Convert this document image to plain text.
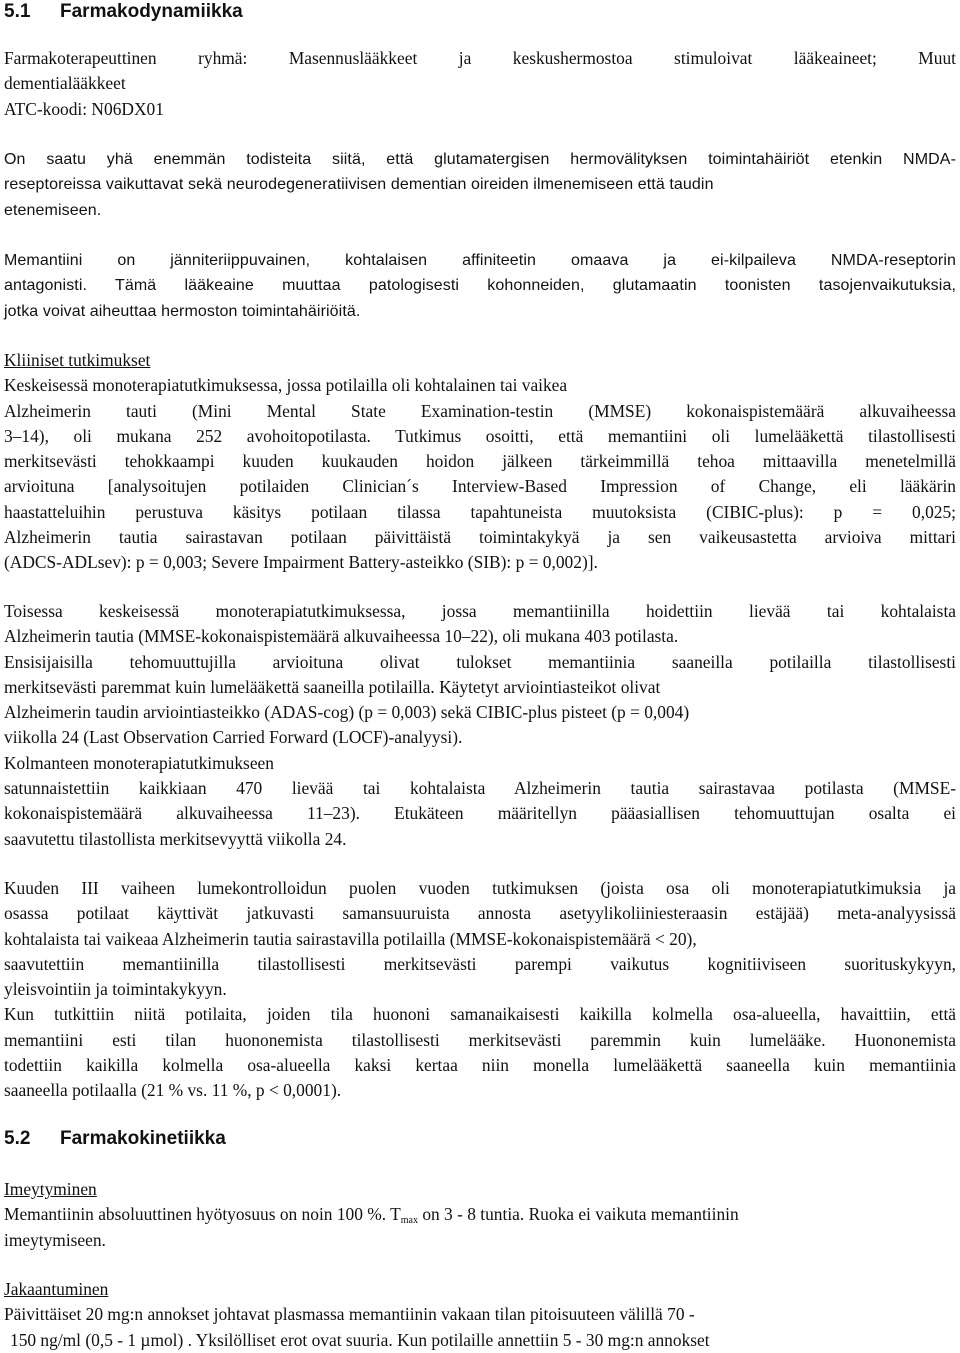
5.1 Farmakodynamiikka
Farmakoterapeuttinen ryhmä: Masennuslääkkeet ja keskushermostoa stimuloivat lääkeaineet; Muut
dementialääkkeet
ATC-koodi: N06DX01
On saatu yhä enemmän todisteita siitä, että glutamatergisen hermovälityksen toimintahäiriöt etenkin NMDA-
reseptoreissa vaikuttavat sekä neurodegeneratiivisen dementian oireiden ilmenemiseen että taudin
etenemiseen.
Memantiini on jänniteriippuvainen, kohtalaisen affiniteetin omaava ja ei-kilpaileva NMDA-reseptorin
antagonisti. Tämä lääkeaine muuttaa patologisesti kohonneiden, glutamaatin toonisten tasojenvaikutuksia,
jotka voivat aiheuttaa hermoston toimintahäiriöitä.
Kliiniset tutkimukset
Keskeisessä monoterapiatutkimuksessa, jossa potilailla oli kohtalainen tai vaikea
Alzheimerin tauti (Mini Mental State Examination-testin (MMSE) kokonaispistemäärä alkuvaiheessa
3–14), oli mukana 252 avohoitopotilasta. Tutkimus osoitti, että memantiini oli lumelääkettä tilastollisesti
merkitsevästi tehokkaampi kuuden kuukauden hoidon jälkeen tärkeimmillä tehoa mittaavilla menetelmillä
arvioituna [analysoitujen potilaiden Clinician´s Interview-Based Impression of Change, eli lääkärin
haastatteluihin perustuva käsitys potilaan tilassa tapahtuneista muutoksista (CIBIC-plus): p = 0,025;
Alzheimerin tautia sairastavan potilaan päivittäistä toimintakykyä ja sen vaikeusastetta arvioiva mittari
(ADCS-ADLsev): p = 0,003; Severe Impairment Battery-asteikko (SIB): p = 0,002)].
Toisessa keskeisessä monoterapiatutkimuksessa, jossa memantiinilla hoidettiin lievää tai kohtalaista
Alzheimerin tautia (MMSE-kokonaispistemäärä alkuvaiheessa 10–22), oli mukana 403 potilasta.
Ensisijaisilla tehomuuttujilla arvioituna olivat tulokset memantiinia saaneilla potilailla tilastollisesti
merkitsevästi paremmat kuin lumelääkettä saaneilla potilailla. Käytetyt arviointiasteikot olivat
Alzheimerin taudin arviointiasteikko (ADAS-cog) (p = 0,003) sekä CIBIC-plus pisteet (p = 0,004)
viikolla 24 (Last Observation Carried Forward (LOCF)-analyysi).
Kolmanteen monoterapiatutkimukseen
satunnaistettiin kaikkiaan 470 lievää tai kohtalaista Alzheimerin tautia sairastavaa potilasta (MMSE-
kokonaispistemäärä alkuvaiheessa 11–23). Etukäteen määritellyn pääasiallisen tehomuuttujan osalta ei
saavutettu tilastollista merkitsevyyttä viikolla 24.
Kuuden III vaiheen lumekontrolloidun puolen vuoden tutkimuksen (joista osa oli monoterapiatutkimuksia ja
osassa potilaat käyttivät jatkuvasti samansuuruista annosta asetyylikoliiniesteraasin estäjää) meta-analyysissä
kohtalaista tai vaikeaa Alzheimerin tautia sairastavilla potilailla (MMSE-kokonaispistemäärä < 20),
saavutettiin memantiinilla tilastollisesti merkitsevästi parempi vaikutus kognitiiviseen suorituskykyyn,
yleisvointiin ja toimintakykyyn.
Kun tutkittiin niitä potilaita, joiden tila huononi samanaikaisesti kaikilla kolmella osa-alueella, havaittiin, että
memantiini esti tilan huononemista tilastollisesti merkitsevästi paremmin kuin lumelääke. Huononemista
todettiin kaikilla kolmella osa-alueella kaksi kertaa niin monella lumelääkettä saaneella kuin memantiinia
saaneella potilaalla (21 % vs. 11 %, p < 0,0001).
5.2 Farmakokinetiikka
Imeytyminen
Memantiinin absoluuttinen hyötyosuus on noin 100 %. $T_{max}$ on 3 - 8 tuntia. Ruoka ei vaikuta memantiinin
imeytymiseen.
Jakaantuminen
Päivittäiset 20 mg:n annokset johtavat plasmassa memantiinin vakaan tilan pitoisuuteen välillä 70 -
150 ng/ml (0,5 - 1 µmol) . Yksilölliset erot ovat suuria. Kun potilaille annettiin 5 - 30 mg:n annokset
